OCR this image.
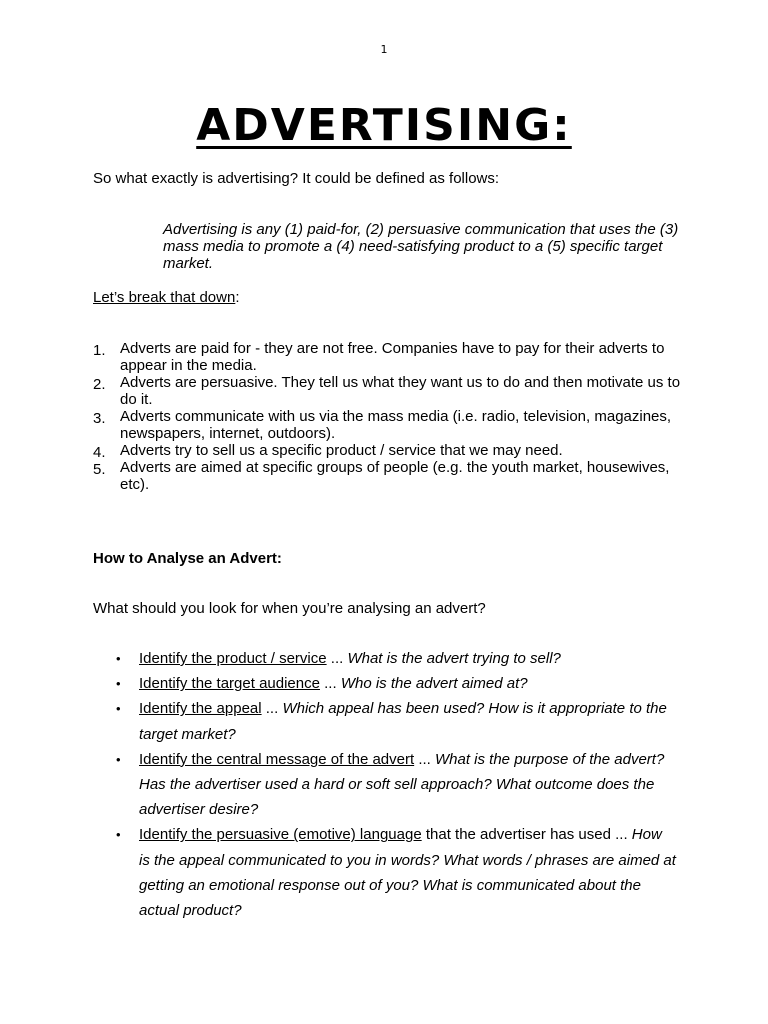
1
ADVERTISING:
So what exactly is advertising? It could be defined as follows:
Advertising is any (1) paid-for, (2) persuasive communication that uses the (3) mass media to promote a (4) need-satisfying product to a (5) specific target market.
Let’s break that down:
1. Adverts are paid for - they are not free. Companies have to pay for their adverts to appear in the media.
2. Adverts are persuasive. They tell us what they want us to do and then motivate us to do it.
3. Adverts communicate with us via the mass media (i.e. radio, television, magazines, newspapers, internet, outdoors).
4. Adverts try to sell us a specific product / service that we may need.
5. Adverts are aimed at specific groups of people (e.g. the youth market, housewives, etc).
How to Analyse an Advert:
What should you look for when you’re analysing an advert?
• Identify the product / service ... What is the advert trying to sell?
• Identify the target audience ... Who is the advert aimed at?
• Identify the appeal ... Which appeal has been used? How is it appropriate to the target market?
• Identify the central message of the advert ... What is the purpose of the advert? Has the advertiser used a hard or soft sell approach? What outcome does the advertiser desire?
• Identify the persuasive (emotive) language that the advertiser has used ... How is the appeal communicated to you in words? What words / phrases are aimed at getting an emotional response out of you? What is communicated about the actual product?
